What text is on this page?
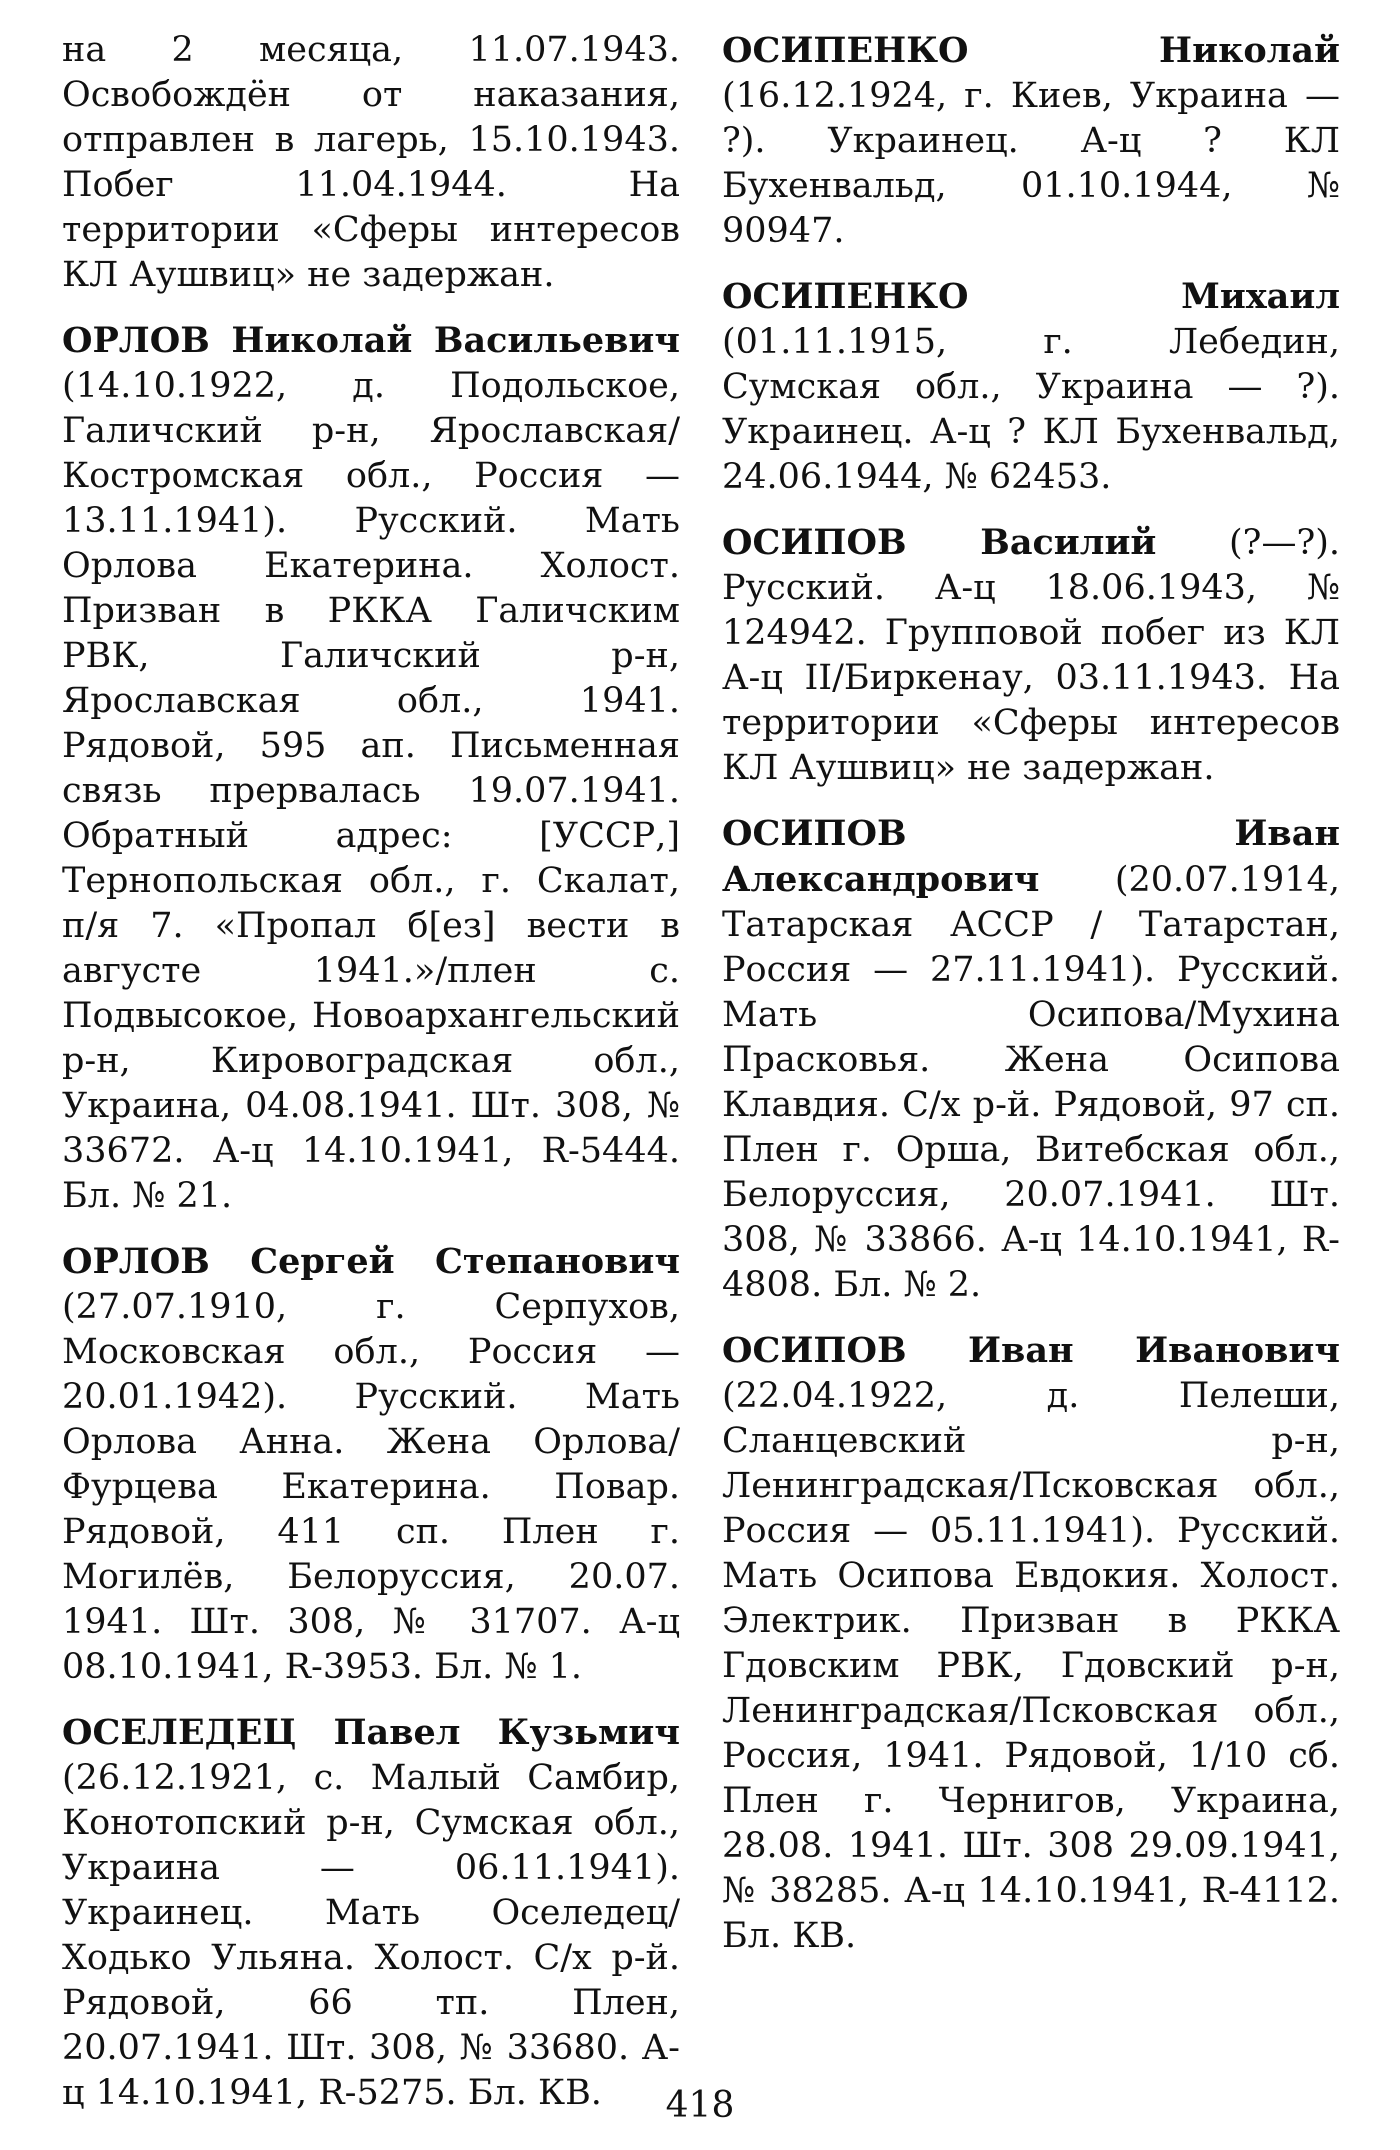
на 2 месяца, 11.07.1943. Освобождён от наказания, отправлен в лагерь, 15.10.1943. Побег 11.04.1944. На территории «Сферы интересов КЛ Аушвиц» не задержан.

ОРЛОВ Николай Васильевич (14.10.1922, д. Подольское, Галичский р-н, Ярославская/Костромская обл., Россия — 13.11.1941). Русский. Мать Орлова Екатерина. Холост. Призван в РККА Галичским РВК, Галичский р-н, Ярославская обл., 1941. Рядовой, 595 ап. Письменная связь прервалась 19.07.1941. Обратный адрес: [УССР,] Тернопольская обл., г. Скалат, п/я 7. «Пропал б[ез] вести в августе 1941.»/плен с. Подвысокое, Новоархангельский р-н, Кировоградская обл., Украина, 04.08.1941. Шт. 308, № 33672. А-ц 14.10.1941, R-5444. Бл. № 21.

ОРЛОВ Сергей Степанович (27.07.1910, г. Серпухов, Московская обл., Россия — 20.01.1942). Русский. Мать Орлова Анна. Жена Орлова/Фурцева Екатерина. Повар. Рядовой, 411 сп. Плен г. Могилёв, Белоруссия, 20.07. 1941. Шт. 308, № 31707. А-ц 08.10.1941, R-3953. Бл. № 1.

ОСЕЛЕДЕЦ Павел Кузьмич (26.12.1921, с. Малый Самбир, Конотопский р-н, Сумская обл., Украина — 06.11.1941). Украинец. Мать Оселедец/Ходько Ульяна. Холост. С/х р-й. Рядовой, 66 тп. Плен, 20.07.1941. Шт. 308, № 33680. А-ц 14.10.1941, R-5275. Бл. КВ.

ОСИПЕНКО Николай (16.12.1924, г. Киев, Украина — ?). Украинец. А-ц ? КЛ Бухенвальд, 01.10.1944, № 90947.

ОСИПЕНКО Михаил (01.11.1915, г. Лебедин, Сумская обл., Украина — ?). Украинец. А-ц ? КЛ Бухенвальд, 24.06.1944, № 62453.

ОСИПОВ Василий (?—?). Русский. А-ц 18.06.1943, № 124942. Групповой побег из КЛ А-ц II/Биркенау, 03.11.1943. На территории «Сферы интересов КЛ Аушвиц» не задержан.

ОСИПОВ Иван Александрович (20.07.1914, Татарская АССР / Татарстан, Россия — 27.11.1941). Русский. Мать Осипова/Мухина Прасковья. Жена Осипова Клавдия. С/х р-й. Рядовой, 97 сп. Плен г. Орша, Витебская обл., Белоруссия, 20.07.1941. Шт. 308, № 33866. А-ц 14.10.1941, R-4808. Бл. № 2.

ОСИПОВ Иван Иванович (22.04.1922, д. Пелеши, Сланцевский р-н, Ленинградская/Псковская обл., Россия — 05.11.1941). Русский. Мать Осипова Евдокия. Холост. Электрик. Призван в РККА Гдовским РВК, Гдовский р-н, Ленинградская/Псковская обл., Россия, 1941. Рядовой, 1/10 сб. Плен г. Чернигов, Украина, 28.08. 1941. Шт. 308 29.09.1941, № 38285. А-ц 14.10.1941, R-4112. Бл. КВ.

418
